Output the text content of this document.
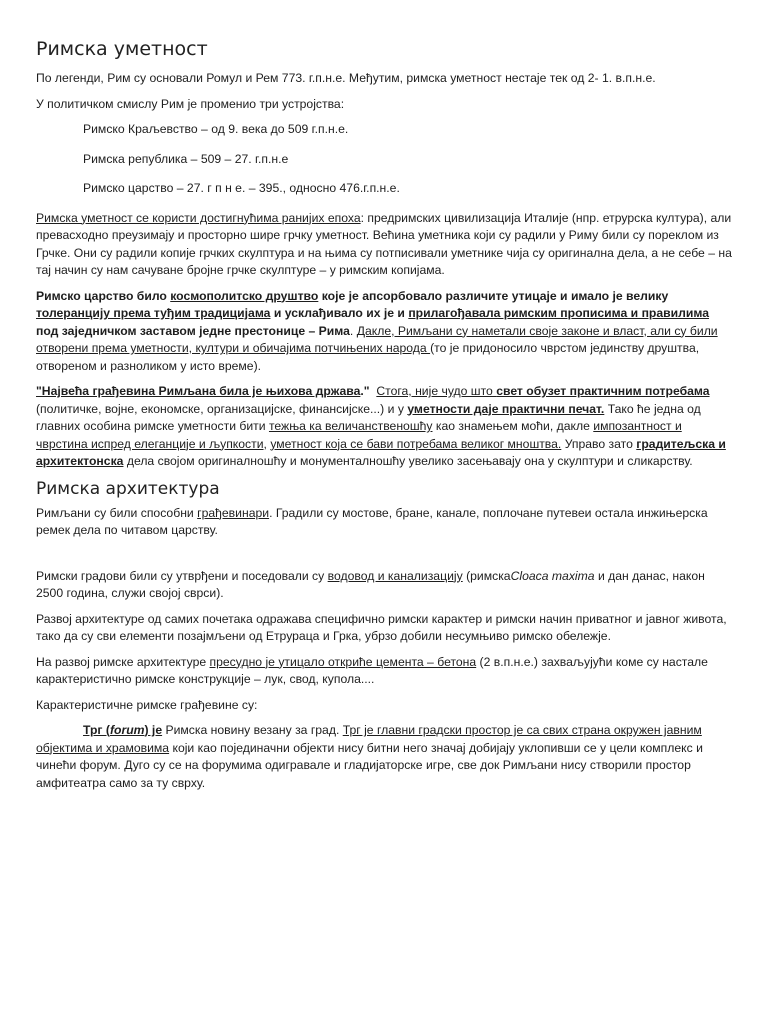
Римска уметност

По легенди, Рим су основали Ромул и Рем 773. г.п.н.е. Међутим, римска уметност нестаје тек од 2- 1. в.п.н.е.

У политичком смислу Рим је променио три устројства:

Римско Краљевство – од 9. века до 509 г.п.н.е.

Римска република – 509 – 27. г.п.н.е

Римско царство – 27. г п н е. – 395., односно 476.г.п.н.е.

Римска уметност се користи достигнућима ранијих епоха: предримских цивилизација Италије (нпр. етрурска култура), али превасходно преузимају и просторно шире грчку уметност. Већина уметника који су радили у Риму били су пореклом из Грчке. Они су радили копије грчких скулптура и на њима су потписивали уметнике чија су оригинална дела, а не себе – на тај начин су нам сачуване бројне грчке скулптуре – у римским копијама.

Римско царство било космополитско друштво које је апсорбовало различите утицаје и имало је велику толеранцију према туђим традицијама и усклађивало их је и прилагођавала римским прописима и правилима под заједничком заставом једне престонице – Рима. Дакле, Римљани су наметали своје законе и власт, али су били отворени према уметности, култури и обичајима потчињених народа (то је придоносило чврстом јединству друштва, отвореном и разноликом у исто време).

"Највећа грађевина Римљана била је њихова држава." Стога, није чудо што свет обузет практичним потребама (политичке, војне, економске, организацијске, финансијске...) и у уметности даје практични печат. Тако ће једна од главних особина римске уметности бити тежња ка величанственошћу као знамењем моћи, дакле импозантност и чврстина испред елеганције и љупкости, уметност која се бави потребама великог мноштва. Управо зато градитељска и архитектонска дела својом оригиналношћу и монументалношћу увелико засењавају она у скулптури и сликарству.

Римска архитектура

Римљани су били способни грађевинари. Градили су мостове, бране, канале, поплочане путевеи остала инжињерска ремек дела по читавом царству.

Римски градови били су утврђени и поседовали су водовод и канализацију (римскаCloaca maxima и дан данас, након 2500 година, служи својој сврси).

Развој архитектуре од самих почетака одражава специфично римски карактер и римски начин приватног и јавног живота, тако да су сви елементи позајмљени од Етрураца и Грка, убрзо добили несумњиво римско обележје.

На развој римске архитектуре пресудно је утицало откриће цемента – бетона (2 в.п.н.е.) захваљујући коме су настале карактеристично римске конструкције – лук, свод, купола....

Карактеристичне римске грађевине су:

Трг (forum) је Римска новину везану за град. Трг је главни градски простор је са свих страна окружен јавним објектима и храмовима који као појединачни објекти нису битни него значај добијају уклопивши се у цели комплекс и чинећи форум. Дуго су се на форумима одигравале и гладијаторске игре, све док Римљани нису створили простор амфитеатра само за ту сврху.
